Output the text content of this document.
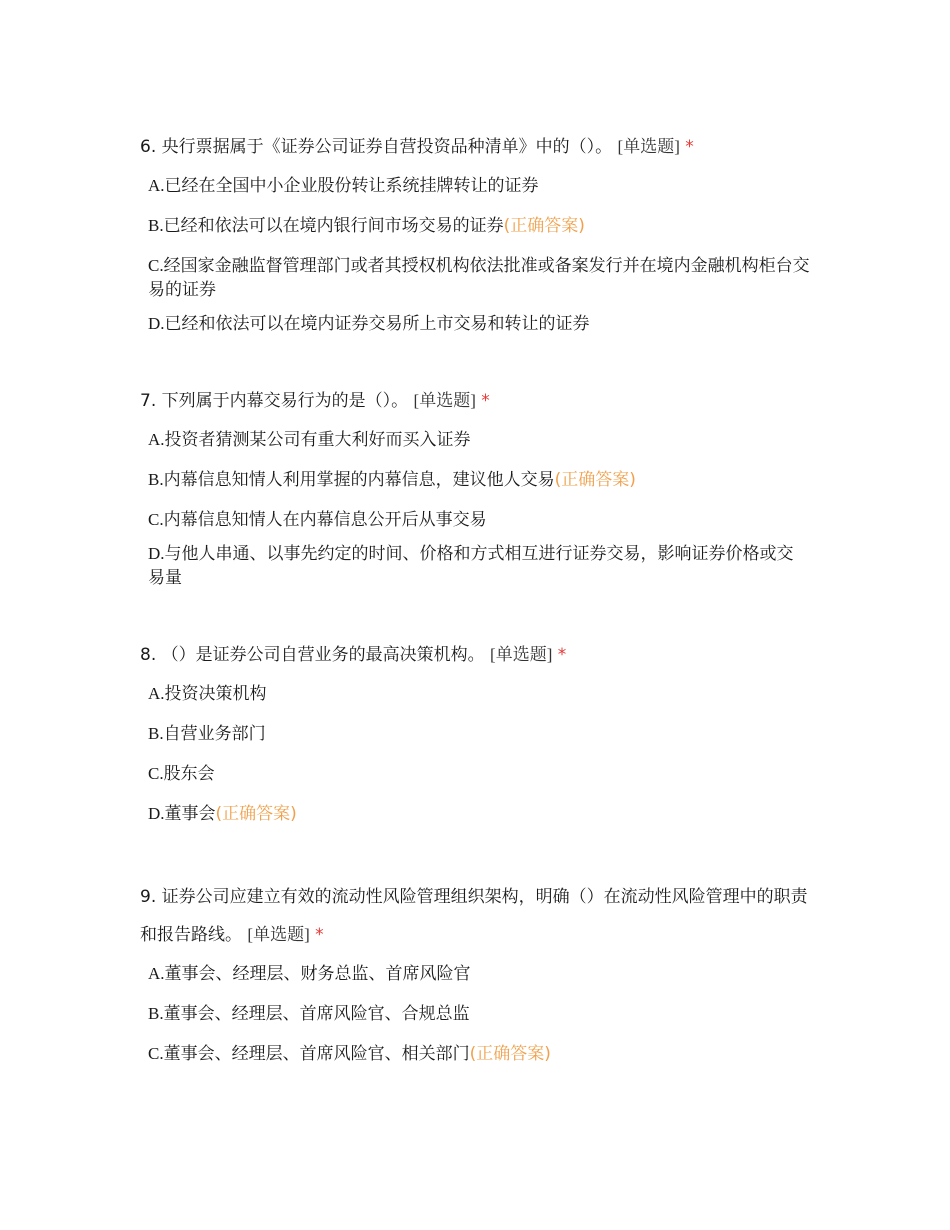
6. 央行票据属于《证券公司证券自营投资品种清单》中的（）。 [单选题] *

A.已经在全国中小企业股份转让系统挂牌转让的证券
B.已经和依法可以在境内银行间市场交易的证券(正确答案)
C.经国家金融监督管理部门或者其授权机构依法批准或备案发行并在境内金融机构柜台交易的证券
D.已经和依法可以在境内证券交易所上市交易和转让的证券

7. 下列属于内幕交易行为的是（）。 [单选题] *

A.投资者猜测某公司有重大利好而买入证券
B.内幕信息知情人利用掌握的内幕信息，建议他人交易(正确答案)
C.内幕信息知情人在内幕信息公开后从事交易
D.与他人串通、以事先约定的时间、价格和方式相互进行证券交易，影响证券价格或交易量

8. （）是证券公司自营业务的最高决策机构。 [单选题] *

A.投资决策机构
B.自营业务部门
C.股东会
D.董事会(正确答案)

9. 证券公司应建立有效的流动性风险管理组织架构，明确（）在流动性风险管理中的职责和报告路线。 [单选题] *

A.董事会、经理层、财务总监、首席风险官
B.董事会、经理层、首席风险官、合规总监
C.董事会、经理层、首席风险官、相关部门(正确答案)
